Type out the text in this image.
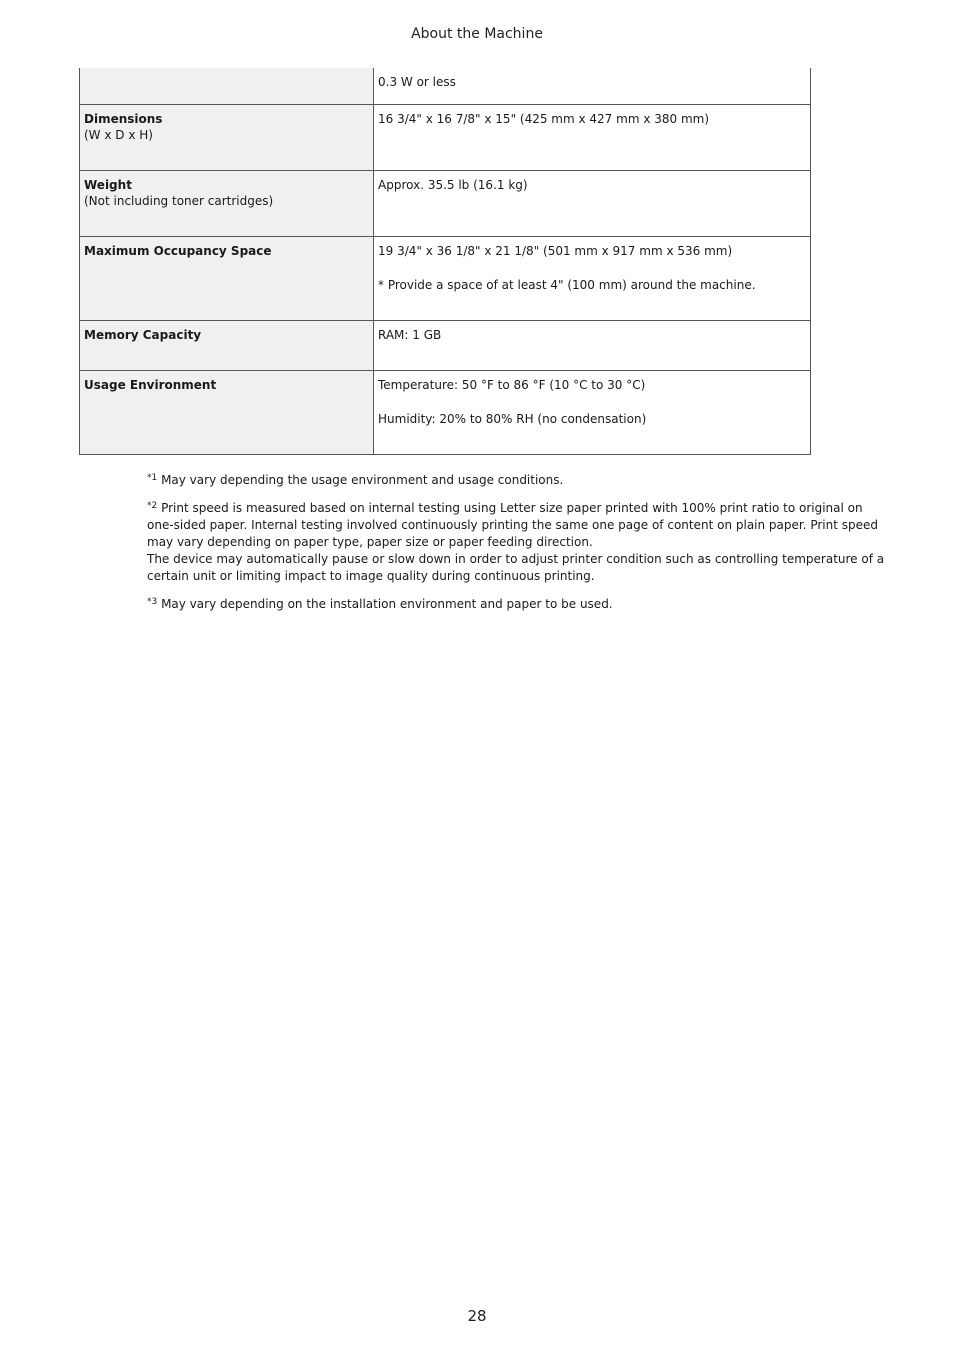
About the Machine

	0.3 W or less

Dimensions
(W x D x H)	16 3/4" x 16 7/8" x 15" (425 mm x 427 mm x 380 mm)

Weight
(Not including toner cartridges)	Approx. 35.5 lb (16.1 kg)

Maximum Occupancy Space	19 3/4" x 36 1/8" x 21 1/8" (501 mm x 917 mm x 536 mm)

* Provide a space of at least 4" (100 mm) around the machine.

Memory Capacity	RAM: 1 GB

Usage Environment	Temperature: 50 °F to 86 °F (10 °C to 30 °C)

Humidity: 20% to 80% RH (no condensation)

$^{*1}$ May vary depending the usage environment and usage conditions.

$^{*2}$ Print speed is measured based on internal testing using Letter size paper printed with 100% print ratio to original on one-sided paper. Internal testing involved continuously printing the same one page of content on plain paper. Print speed may vary depending on paper type, paper size or paper feeding direction.
The device may automatically pause or slow down in order to adjust printer condition such as controlling temperature of a certain unit or limiting impact to image quality during continuous printing.

$^{*3}$ May vary depending on the installation environment and paper to be used.

28
